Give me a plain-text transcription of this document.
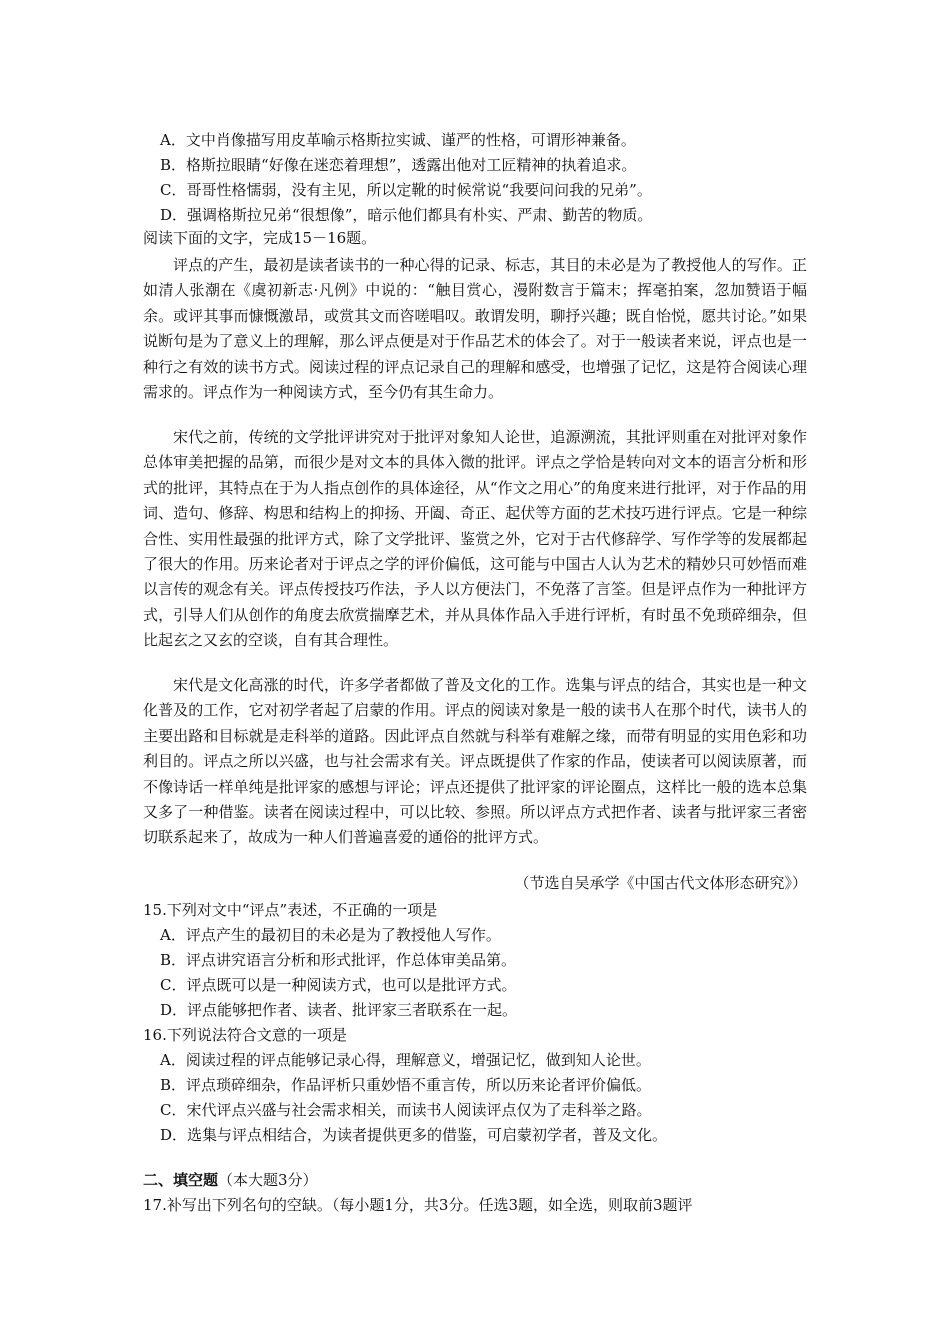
A．文中肖像描写用皮革喻示格斯拉实诚、谨严的性格，可谓形神兼备。
B．格斯拉眼睛“好像在迷恋着理想”，透露出他对工匠精神的执着追求。
C．哥哥性格懦弱，没有主见，所以定靴的时候常说“我要问问我的兄弟”。
D．强调格斯拉兄弟“很想像”，暗示他们都具有朴实、严肃、勤苦的物质。
阅读下面的文字，完成15－16题。
评点的产生，最初是读者读书的一种心得的记录、标志，其目的未必是为了教授他人的写作。正如清人张潮在《虞初新志·凡例》中说的：“触目赏心，漫附数言于篇末；挥毫拍案，忽加赞语于幅余。或评其事而慷慨激昂，或赏其文而咨嗟唱叹。敢谓发明，聊抒兴趣；既自怡悦，愿共讨论。”如果说断句是为了意义上的理解，那么评点便是对于作品艺术的体会了。对于一般读者来说，评点也是一种行之有效的读书方式。阅读过程的评点记录自己的理解和感受，也增强了记忆，这是符合阅读心理需求的。评点作为一种阅读方式，至今仍有其生命力。
宋代之前，传统的文学批评讲究对于批评对象知人论世，追源溯流，其批评则重在对批评对象作总体审美把握的品第，而很少是对文本的具体入微的批评。评点之学恰是转向对文本的语言分析和形式的批评，其特点在于为人指点创作的具体途径，从“作文之用心”的角度来进行批评，对于作品的用词、造句、修辞、构思和结构上的抑扬、开阖、奇正、起伏等方面的艺术技巧进行评点。它是一种综合性、实用性最强的批评方式，除了文学批评、鉴赏之外，它对于古代修辞学、写作学等的发展都起了很大的作用。历来论者对于评点之学的评价偏低，这可能与中国古人认为艺术的精妙只可妙悟而难以言传的观念有关。评点传授技巧作法，予人以方便法门，不免落了言筌。但是评点作为一种批评方式，引导人们从创作的角度去欣赏揣摩艺术，并从具体作品入手进行评析，有时虽不免琐碎细杂，但比起玄之又玄的空谈，自有其合理性。
宋代是文化高涨的时代，许多学者都做了普及文化的工作。选集与评点的结合，其实也是一种文化普及的工作，它对初学者起了启蒙的作用。评点的阅读对象是一般的读书人在那个时代，读书人的主要出路和目标就是走科举的道路。因此评点自然就与科举有难解之缘，而带有明显的实用色彩和功利目的。评点之所以兴盛，也与社会需求有关。评点既提供了作家的作品，使读者可以阅读原著，而不像诗话一样单纯是批评家的感想与评论；评点还提供了批评家的评论圈点，这样比一般的选本总集又多了一种借鉴。读者在阅读过程中，可以比较、参照。所以评点方式把作者、读者与批评家三者密切联系起来了，故成为一种人们普遍喜爱的通俗的批评方式。
（节选自吴承学《中国古代文体形态研究》）
15.下列对文中“评点”表述，不正确的一项是
A．评点产生的最初目的未必是为了教授他人写作。
B．评点讲究语言分析和形式批评，作总体审美品第。
C．评点既可以是一种阅读方式，也可以是批评方式。
D．评点能够把作者、读者、批评家三者联系在一起。
16.下列说法符合文意的一项是
A．阅读过程的评点能够记录心得，理解意义，增强记忆，做到知人论世。
B．评点琐碎细杂，作品评析只重妙悟不重言传，所以历来论者评价偏低。
C．宋代评点兴盛与社会需求相关，而读书人阅读评点仅为了走科举之路。
D．选集与评点相结合，为读者提供更多的借鉴，可启蒙初学者，普及文化。
二、填空题（本大题3分）
17.补写出下列名句的空缺。（每小题1分，共3分。任选3题，如全选，则取前3题评
